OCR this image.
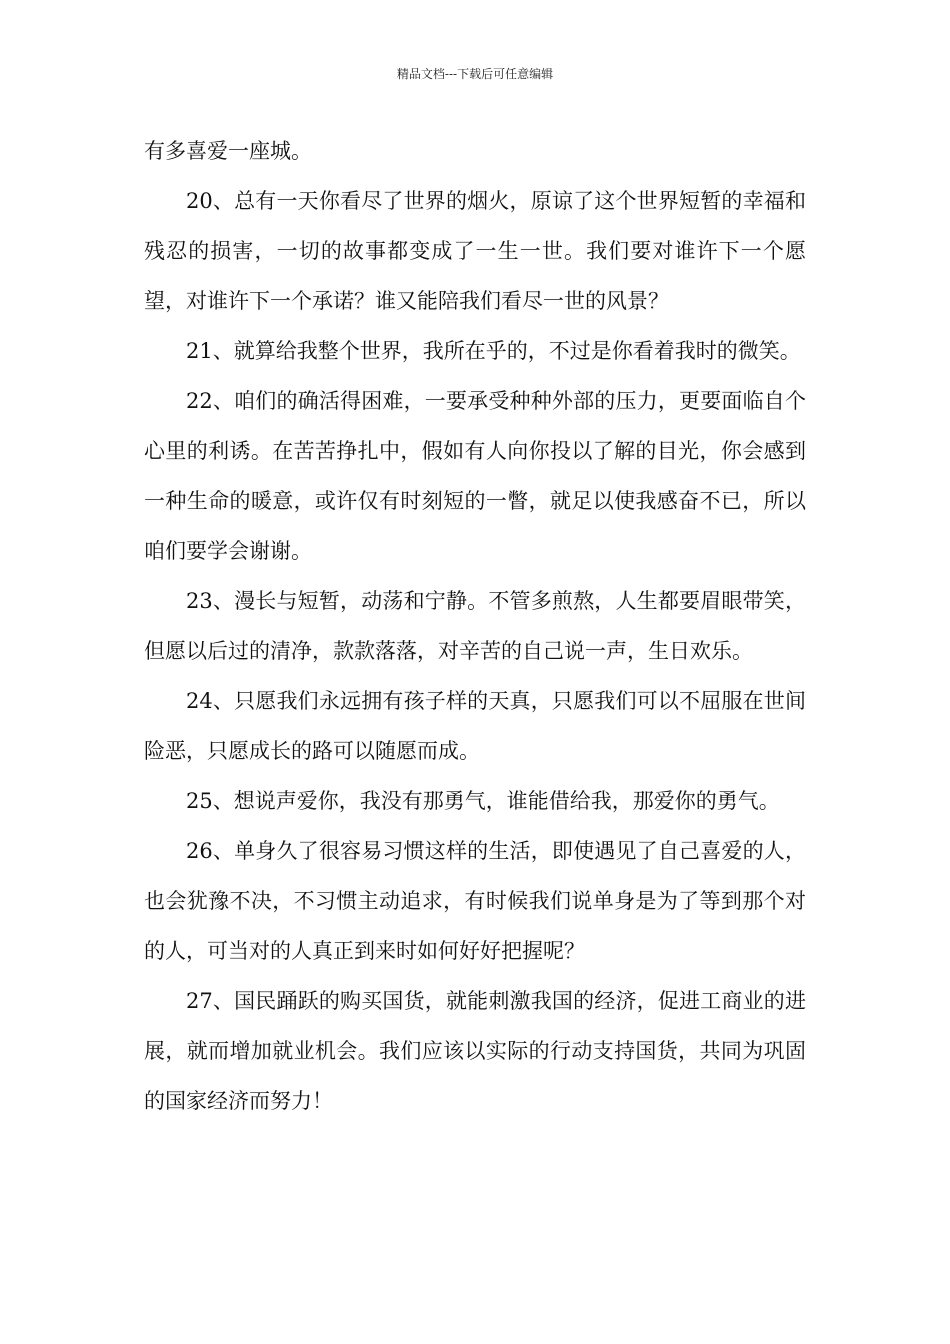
精品文档---下载后可任意编辑

有多喜爱一座城。

20、总有一天你看尽了世界的烟火，原谅了这个世界短暂的幸福和残忍的损害，一切的故事都变成了一生一世。我们要对谁许下一个愿望，对谁许下一个承诺？谁又能陪我们看尽一世的风景？

21、就算给我整个世界，我所在乎的，不过是你看着我时的微笑。

22、咱们的确活得困难，一要承受种种外部的压力，更要面临自个心里的利诱。在苦苦挣扎中，假如有人向你投以了解的目光，你会感到一种生命的暖意，或许仅有时刻短的一瞥，就足以使我感奋不已，所以咱们要学会谢谢。

23、漫长与短暂，动荡和宁静。不管多煎熬，人生都要眉眼带笑，但愿以后过的清净，款款落落，对辛苦的自己说一声，生日欢乐。

24、只愿我们永远拥有孩子样的天真，只愿我们可以不屈服在世间险恶，只愿成长的路可以随愿而成。

25、想说声爱你，我没有那勇气，谁能借给我，那爱你的勇气。

26、单身久了很容易习惯这样的生活，即使遇见了自己喜爱的人，也会犹豫不决，不习惯主动追求，有时候我们说单身是为了等到那个对的人，可当对的人真正到来时如何好好把握呢？

27、国民踊跃的购买国货，就能刺激我国的经济，促进工商业的进展，就而增加就业机会。我们应该以实际的行动支持国货，共同为巩固的国家经济而努力！
